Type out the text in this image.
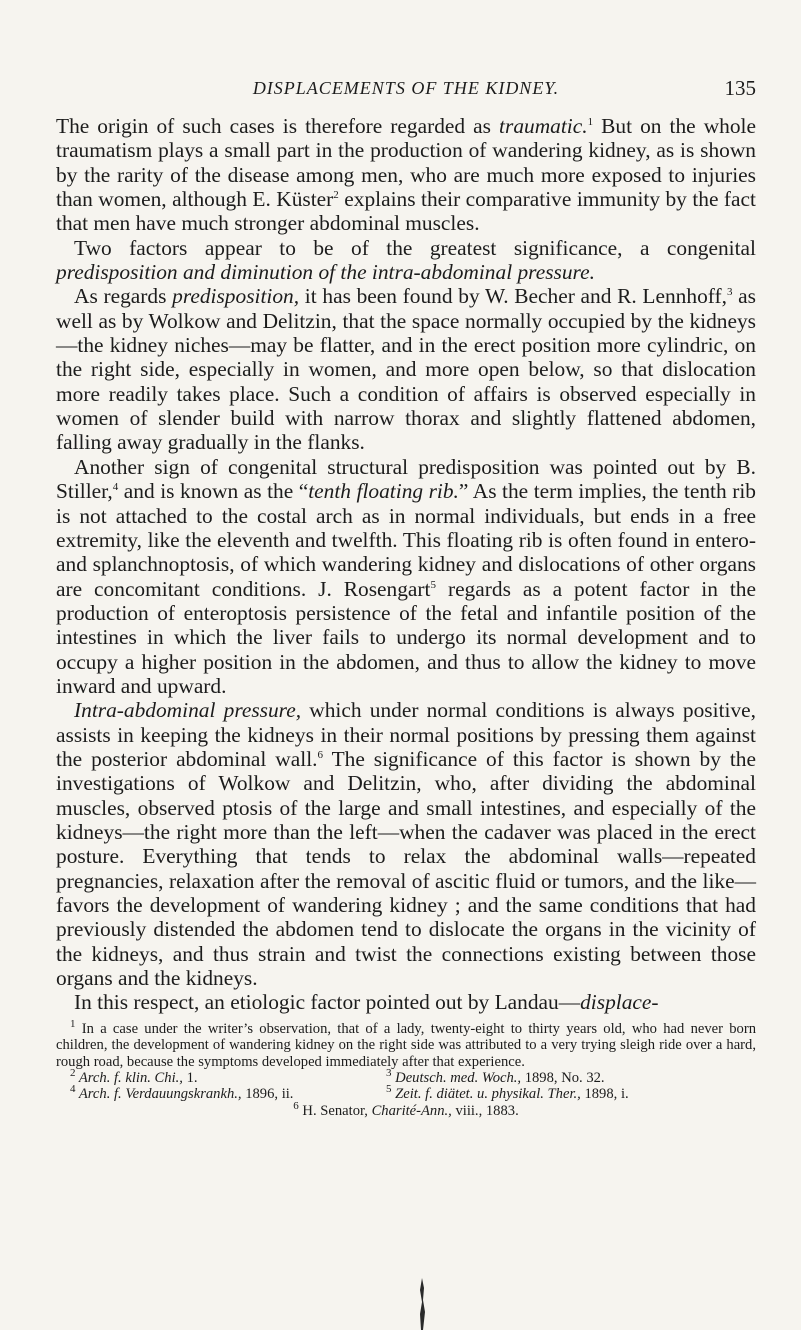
DISPLACEMENTS OF THE KIDNEY.	135

The origin of such cases is therefore regarded as traumatic.$^1$ But on the whole traumatism plays a small part in the production of wandering kidney, as is shown by the rarity of the disease among men, who are much more exposed to injuries than women, although E. Küster$^2$ explains their comparative immunity by the fact that men have much stronger abdominal muscles.

Two factors appear to be of the greatest significance, a congenital predisposition and diminution of the intra-abdominal pressure.

As regards predisposition, it has been found by W. Becher and R. Lennhoff,$^3$ as well as by Wolkow and Delitzin, that the space normally occupied by the kidneys—the kidney niches—may be flatter, and in the erect position more cylindric, on the right side, especially in women, and more open below, so that dislocation more readily takes place. Such a condition of affairs is observed especially in women of slender build with narrow thorax and slightly flattened abdomen, falling away gradually in the flanks.

Another sign of congenital structural predisposition was pointed out by B. Stiller,$^4$ and is known as the “tenth floating rib.” As the term implies, the tenth rib is not attached to the costal arch as in normal individuals, but ends in a free extremity, like the eleventh and twelfth. This floating rib is often found in entero- and splanchnoptosis, of which wandering kidney and dislocations of other organs are concomitant conditions. J. Rosengart$^5$ regards as a potent factor in the production of enteroptosis persistence of the fetal and infantile position of the intestines in which the liver fails to undergo its normal development and to occupy a higher position in the abdomen, and thus to allow the kidney to move inward and upward.

Intra-abdominal pressure, which under normal conditions is always positive, assists in keeping the kidneys in their normal positions by pressing them against the posterior abdominal wall.$^6$ The significance of this factor is shown by the investigations of Wolkow and Delitzin, who, after dividing the abdominal muscles, observed ptosis of the large and small intestines, and especially of the kidneys—the right more than the left—when the cadaver was placed in the erect posture. Everything that tends to relax the abdominal walls—repeated pregnancies, relaxation after the removal of ascitic fluid or tumors, and the like—favors the development of wandering kidney ; and the same conditions that had previously distended the abdomen tend to dislocate the organs in the vicinity of the kidneys, and thus strain and twist the connections existing between those organs and the kidneys.

In this respect, an etiologic factor pointed out by Landau—displace-

$^1$ In a case under the writer’s observation, that of a lady, twenty-eight to thirty years old, who had never born children, the development of wandering kidney on the right side was attributed to a very trying sleigh ride over a hard, rough road, because the symptoms developed immediately after that experience.

$^2$ Arch. f. klin. Chi., 1.	$^3$ Deutsch. med. Woch., 1898, No. 32.
$^4$ Arch. f. Verdauungskrankh., 1896, ii.	$^5$ Zeit. f. diätet. u. physikal. Ther., 1898, i.

$^6$ H. Senator, Charité-Ann., viii., 1883.
